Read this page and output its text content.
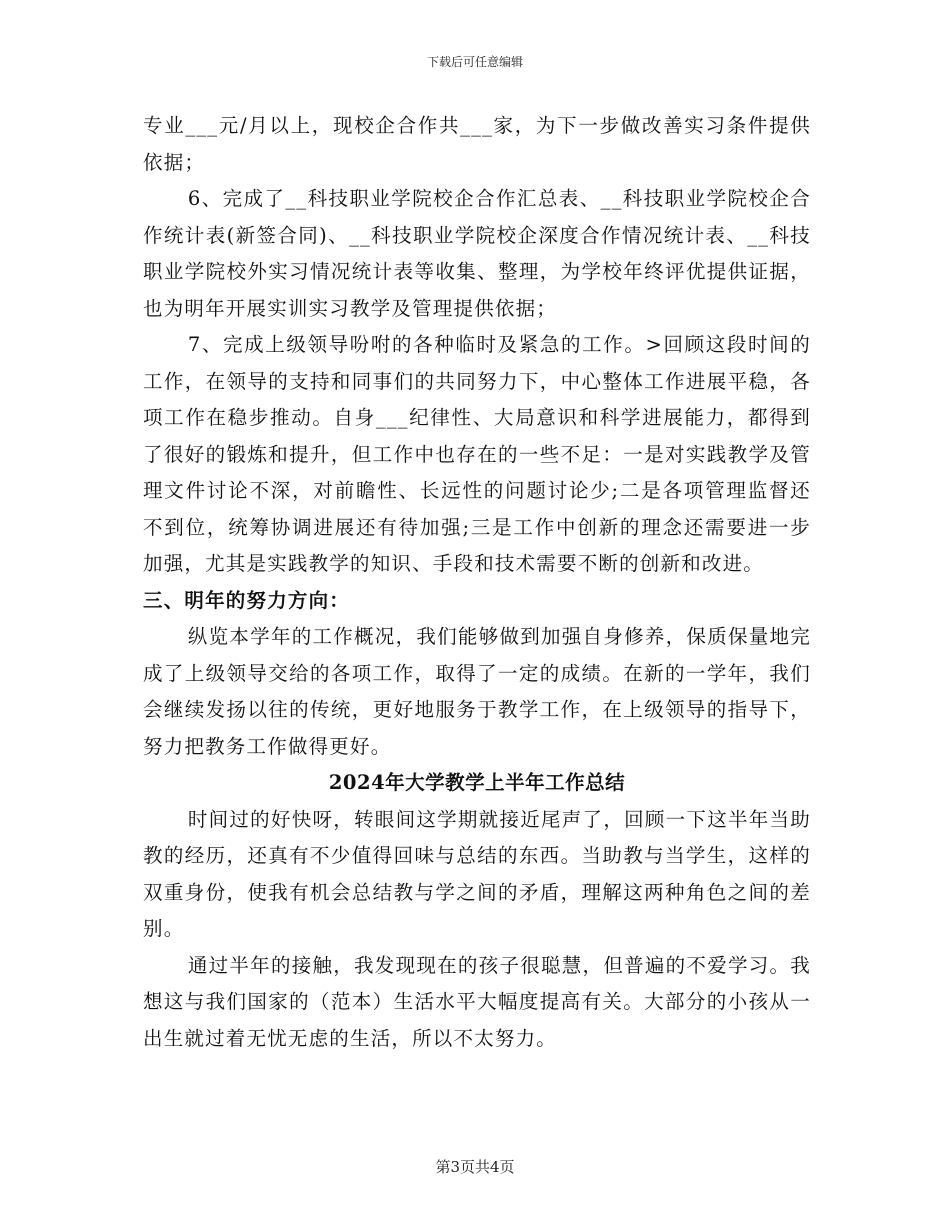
下载后可任意编辑

专业___元/月以上，现校企合作共___家，为下一步做改善实习条件提供依据；

6、完成了__科技职业学院校企合作汇总表、__科技职业学院校企合作统计表(新签合同)、__科技职业学院校企深度合作情况统计表、__科技职业学院校外实习情况统计表等收集、整理，为学校年终评优提供证据，也为明年开展实训实习教学及管理提供依据；

7、完成上级领导吩咐的各种临时及紧急的工作。>回顾这段时间的工作，在领导的支持和同事们的共同努力下，中心整体工作进展平稳，各项工作在稳步推动。自身___纪律性、大局意识和科学进展能力，都得到了很好的锻炼和提升，但工作中也存在的一些不足：一是对实践教学及管理文件讨论不深，对前瞻性、长远性的问题讨论少;二是各项管理监督还不到位，统筹协调进展还有待加强;三是工作中创新的理念还需要进一步加强，尤其是实践教学的知识、手段和技术需要不断的创新和改进。

三、明年的努力方向：

纵览本学年的工作概况，我们能够做到加强自身修养，保质保量地完成了上级领导交给的各项工作，取得了一定的成绩。在新的一学年，我们会继续发扬以往的传统，更好地服务于教学工作，在上级领导的指导下，努力把教务工作做得更好。

2024年大学教学上半年工作总结

时间过的好快呀，转眼间这学期就接近尾声了，回顾一下这半年当助教的经历，还真有不少值得回味与总结的东西。当助教与当学生，这样的双重身份，使我有机会总结教与学之间的矛盾，理解这两种角色之间的差别。

通过半年的接触，我发现现在的孩子很聪慧，但普遍的不爱学习。我想这与我们国家的（范本）生活水平大幅度提高有关。大部分的小孩从一出生就过着无忧无虑的生活，所以不太努力。

第3页共4页
